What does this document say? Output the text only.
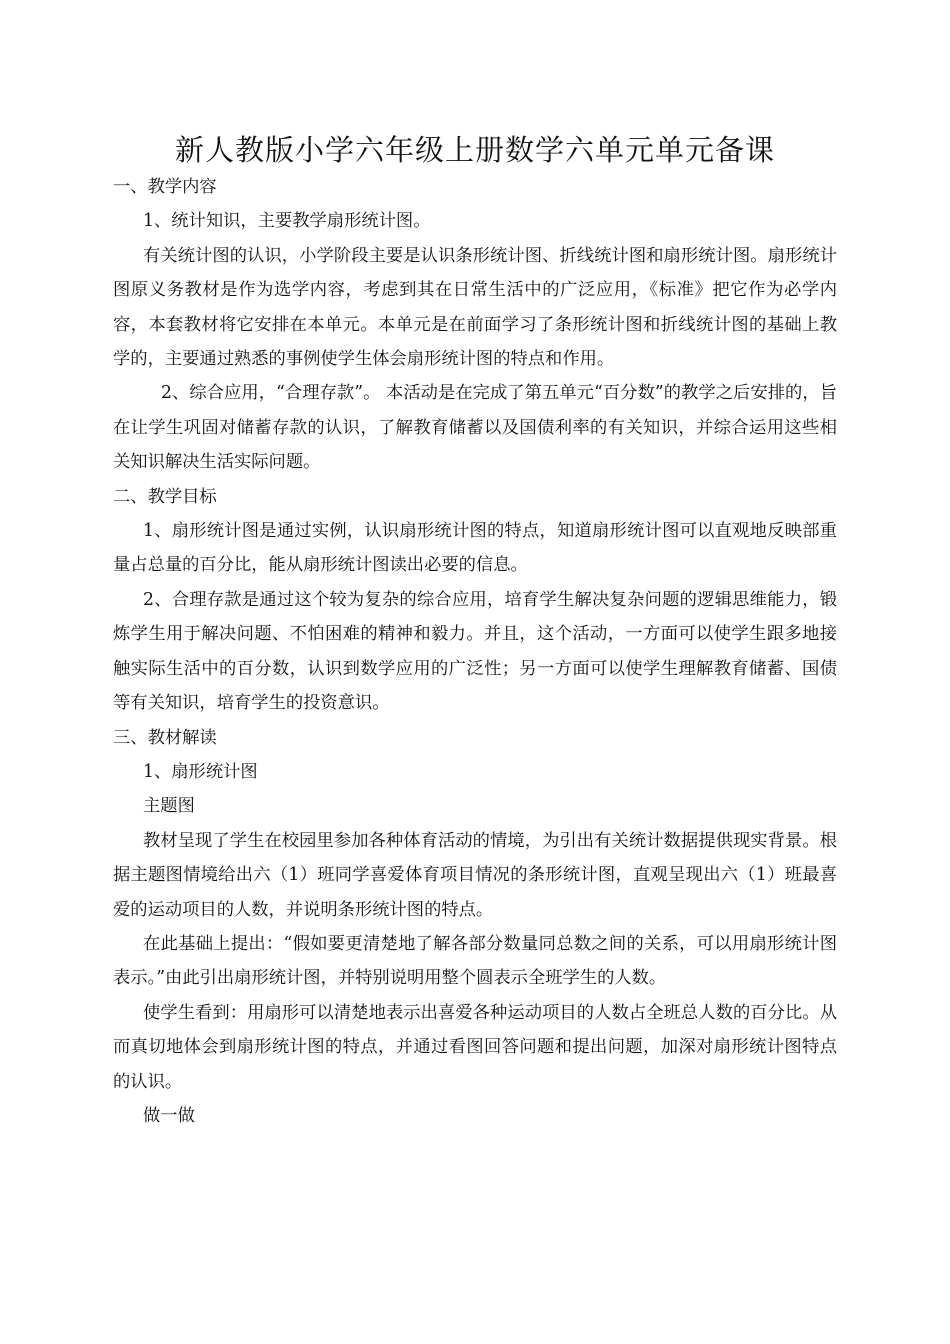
新人教版小学六年级上册数学六单元单元备课

一、教学内容

1、统计知识，主要教学扇形统计图。

有关统计图的认识，小学阶段主要是认识条形统计图、折线统计图和扇形统计图。扇形统计图原义务教材是作为选学内容，考虑到其在日常生活中的广泛应用，《标准》把它作为必学内容，本套教材将它安排在本单元。本单元是在前面学习了条形统计图和折线统计图的基础上教学的，主要通过熟悉的事例使学生体会扇形统计图的特点和作用。

2、综合应用，“合理存款”。 本活动是在完成了第五单元“百分数”的教学之后安排的，旨在让学生巩固对储蓄存款的认识，了解教育储蓄以及国债利率的有关知识，并综合运用这些相关知识解决生活实际问题。

二、教学目标

1、扇形统计图是通过实例，认识扇形统计图的特点，知道扇形统计图可以直观地反映部重量占总量的百分比，能从扇形统计图读出必要的信息。

2、合理存款是通过这个较为复杂的综合应用，培育学生解决复杂问题的逻辑思维能力，锻炼学生用于解决问题、不怕困难的精神和毅力。并且，这个活动，一方面可以使学生跟多地接触实际生活中的百分数，认识到数学应用的广泛性；另一方面可以使学生理解教育储蓄、国债等有关知识，培育学生的投资意识。

三、教材解读

1、扇形统计图

主题图

教材呈现了学生在校园里参加各种体育活动的情境，为引出有关统计数据提供现实背景。根据主题图情境给出六（1）班同学喜爱体育项目情况的条形统计图，直观呈现出六（1）班最喜爱的运动项目的人数，并说明条形统计图的特点。

在此基础上提出：“假如要更清楚地了解各部分数量同总数之间的关系，可以用扇形统计图表示。”由此引出扇形统计图，并特别说明用整个圆表示全班学生的人数。

使学生看到：用扇形可以清楚地表示出喜爱各种运动项目的人数占全班总人数的百分比。从而真切地体会到扇形统计图的特点，并通过看图回答问题和提出问题，加深对扇形统计图特点的认识。

做一做
